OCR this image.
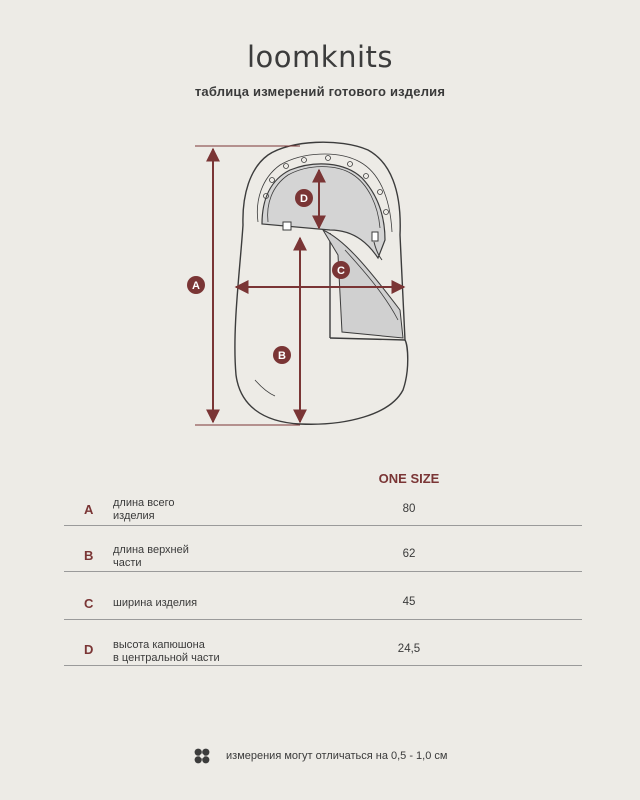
loomknits
таблица измерений готового изделия
A
B
C
D
ONE SIZE
A длина всего
изделия
80
B длина верхней
части
62
C ширина изделия	45
D высота капюшона
в центральной части
24,5
измерения могут отличаться на 0,5 - 1,0 см
